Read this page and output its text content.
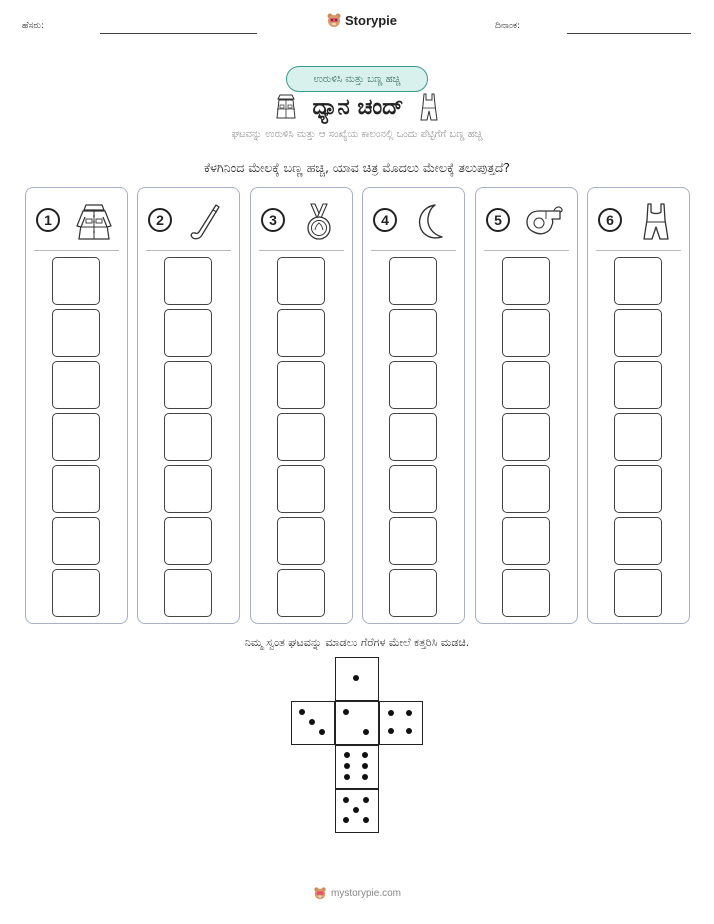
ಹೆಸರು:	Storypie	ದಿನಾಂಕ:
ಉರುಳಿಸಿ ಮತ್ತು ಬಣ್ಣ ಹಚ್ಚಿ
ಧ್ಯಾನ ಚಂದ್
ಘಟವನ್ನು ಉರುಳಿಸಿ ಮತ್ತು ಆ ಸಂಖ್ಯೆಯ ಕಾಲಂನಲ್ಲಿ ಒಂದು ಪೆಟ್ಟಿಗೆಗೆ ಬಣ್ಣ ಹಚ್ಚಿ
ಕೆಳಗಿನಿಂದ ಮೇಲಕ್ಕೆ ಬಣ್ಣ ಹಚ್ಚಿ, ಯಾವ ಚಿತ್ರ ಮೊದಲು ಮೇಲಕ್ಕೆ ತಲುಪುತ್ತದೆ?
1	2	3	4	5	6
ನಿಮ್ಮ ಸ್ವಂತ ಘಟವನ್ನು ಮಾಡಲು ಗೆರೆಗಳ ಮೇಲೆ ಕತ್ತರಿಸಿ ಮಡಚಿ.
mystorypie.com
